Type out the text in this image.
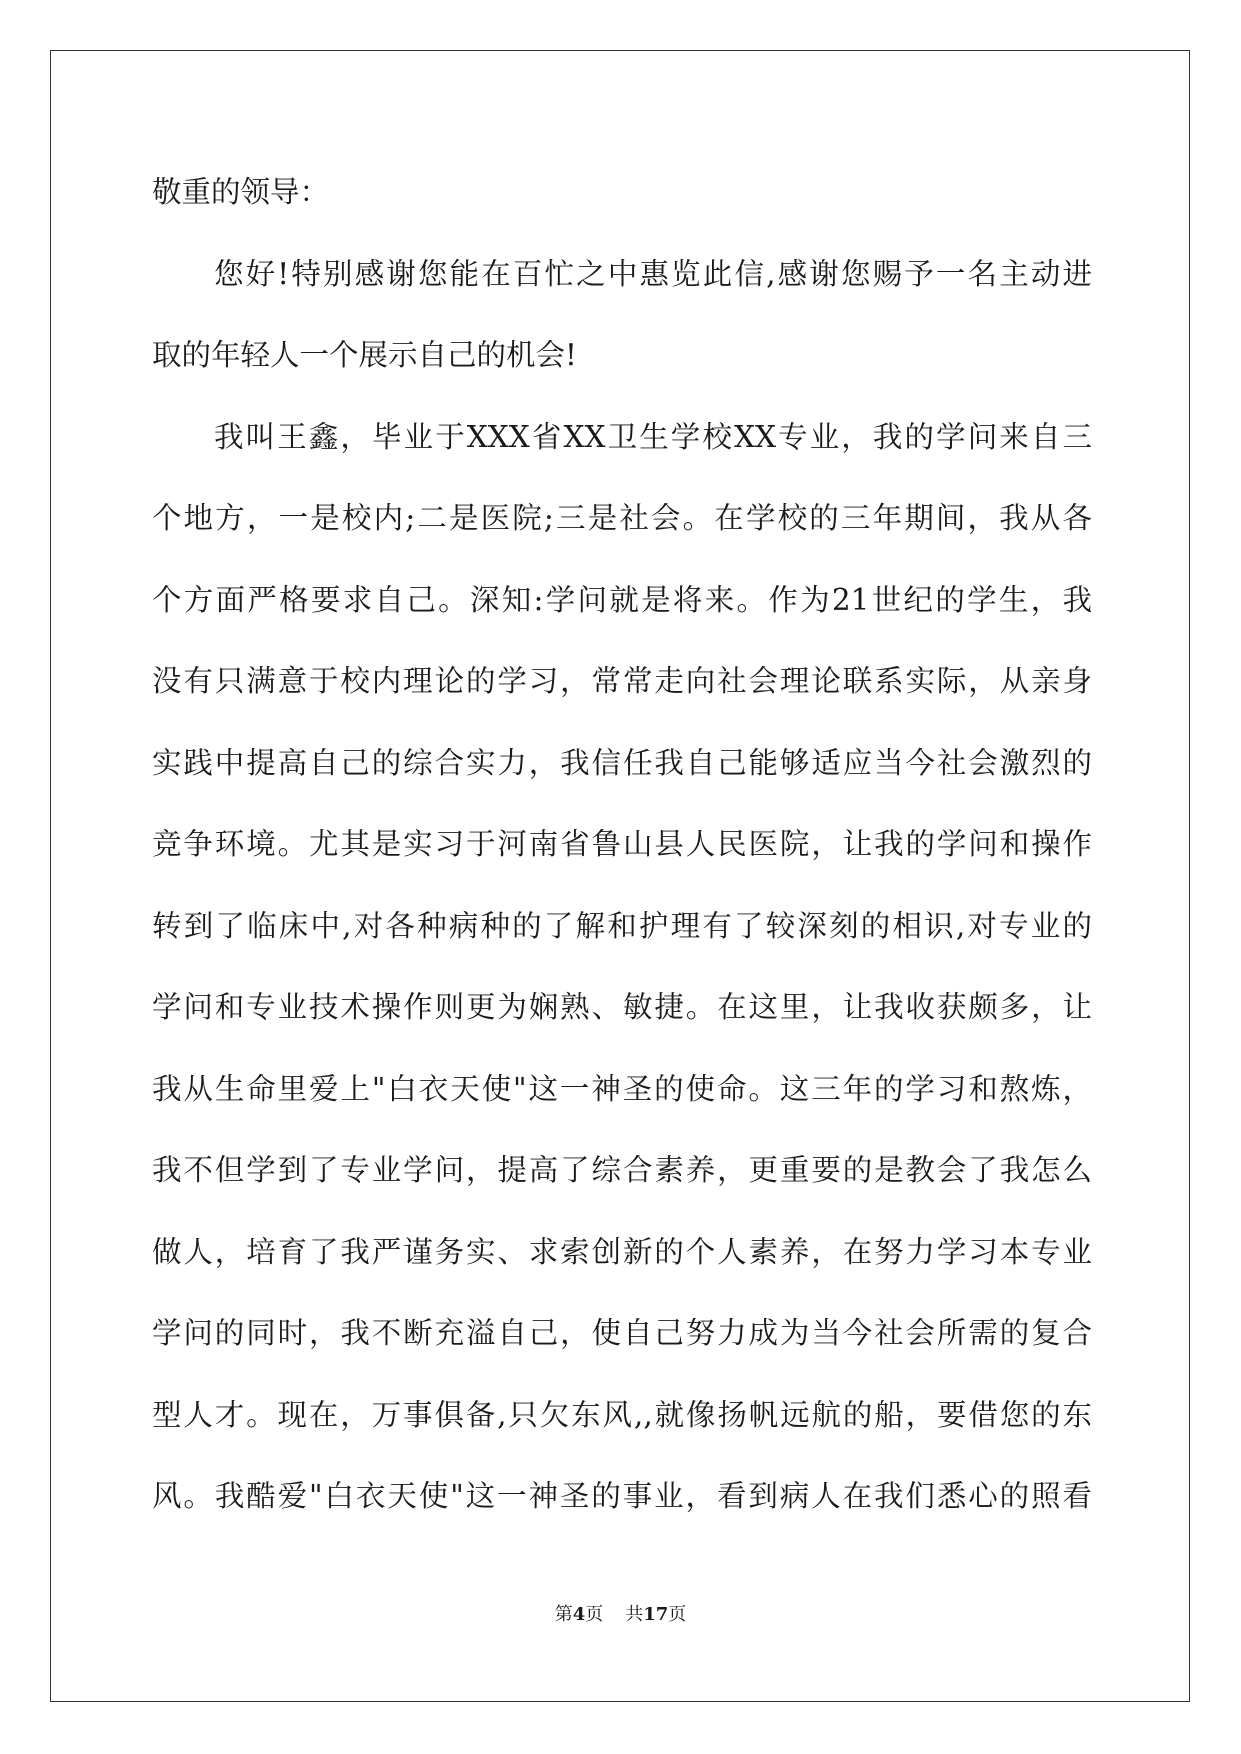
敬重的领导：
您好!特别感谢您能在百忙之中惠览此信,感谢您赐予一名主动进
取的年轻人一个展示自己的机会!
我叫王鑫，毕业于XXX省XX卫生学校XX专业，我的学问来自三
个地方，一是校内;二是医院;三是社会。在学校的三年期间，我从各
个方面严格要求自己。深知:学问就是将来。作为21世纪的学生，我
没有只满意于校内理论的学习，常常走向社会理论联系实际，从亲身
实践中提高自己的综合实力，我信任我自己能够适应当今社会激烈的
竞争环境。尤其是实习于河南省鲁山县人民医院，让我的学问和操作
转到了临床中,对各种病种的了解和护理有了较深刻的相识,对专业的
学问和专业技术操作则更为娴熟、敏捷。在这里，让我收获颇多，让
我从生命里爱上"白衣天使"这一神圣的使命。这三年的学习和熬炼，
我不但学到了专业学问，提高了综合素养，更重要的是教会了我怎么
做人，培育了我严谨务实、求索创新的个人素养，在努力学习本专业
学问的同时，我不断充溢自己，使自己努力成为当今社会所需的复合
型人才。现在，万事俱备,只欠东风,,就像扬帆远航的船，要借您的东
风。我酷爱"白衣天使"这一神圣的事业，看到病人在我们悉心的照看
第4页 共17页
